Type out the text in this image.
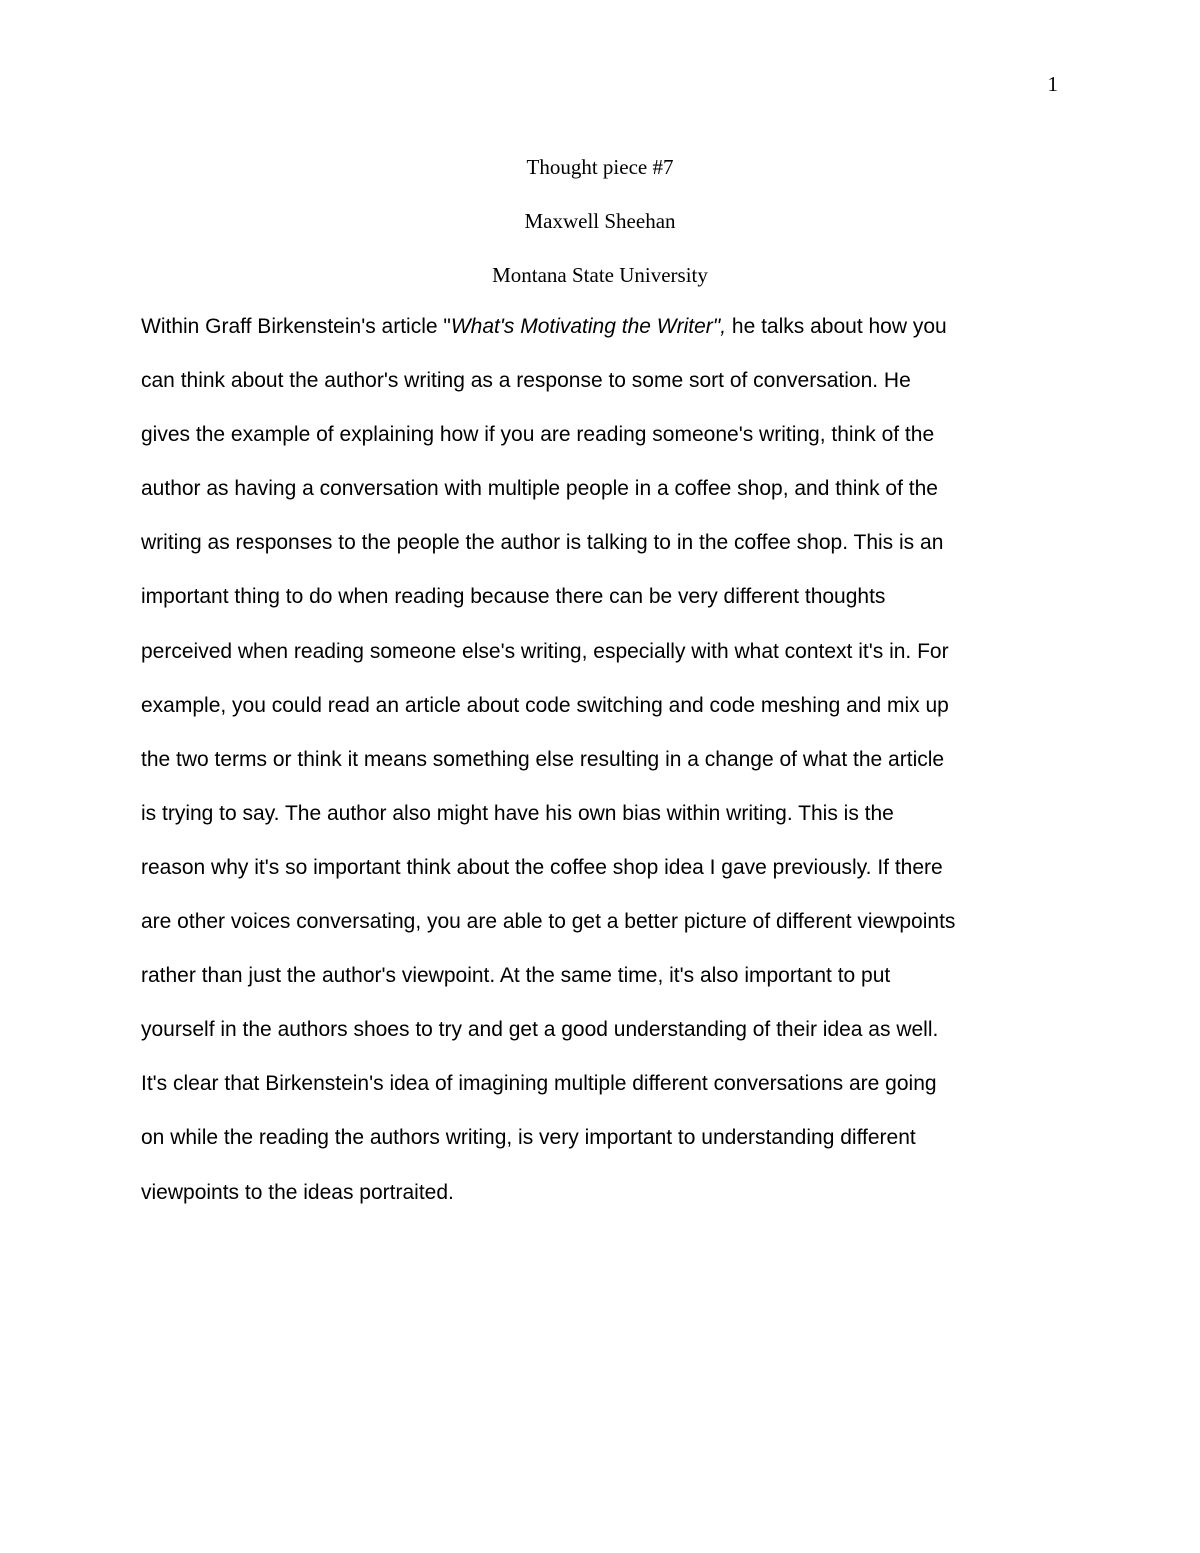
1
Thought piece #7
Maxwell Sheehan
Montana State University
Within Graff Birkenstein's article "What's Motivating the Writer", he talks about how you
can think about the author's writing as a response to some sort of conversation. He
gives the example of explaining how if you are reading someone's writing, think of the
author as having a conversation with multiple people in a coffee shop, and think of the
writing as responses to the people the author is talking to in the coffee shop. This is an
important thing to do when reading because there can be very different thoughts
perceived when reading someone else's writing, especially with what context it's in. For
example, you could read an article about code switching and code meshing and mix up
the two terms or think it means something else resulting in a change of what the article
is trying to say. The author also might have his own bias within writing. This is the
reason why it's so important think about the coffee shop idea I gave previously. If there
are other voices conversating, you are able to get a better picture of different viewpoints
rather than just the author's viewpoint. At the same time, it's also important to put
yourself in the authors shoes to try and get a good understanding of their idea as well.
It's clear that Birkenstein's idea of imagining multiple different conversations are going
on while the reading the authors writing, is very important to understanding different
viewpoints to the ideas portraited.
